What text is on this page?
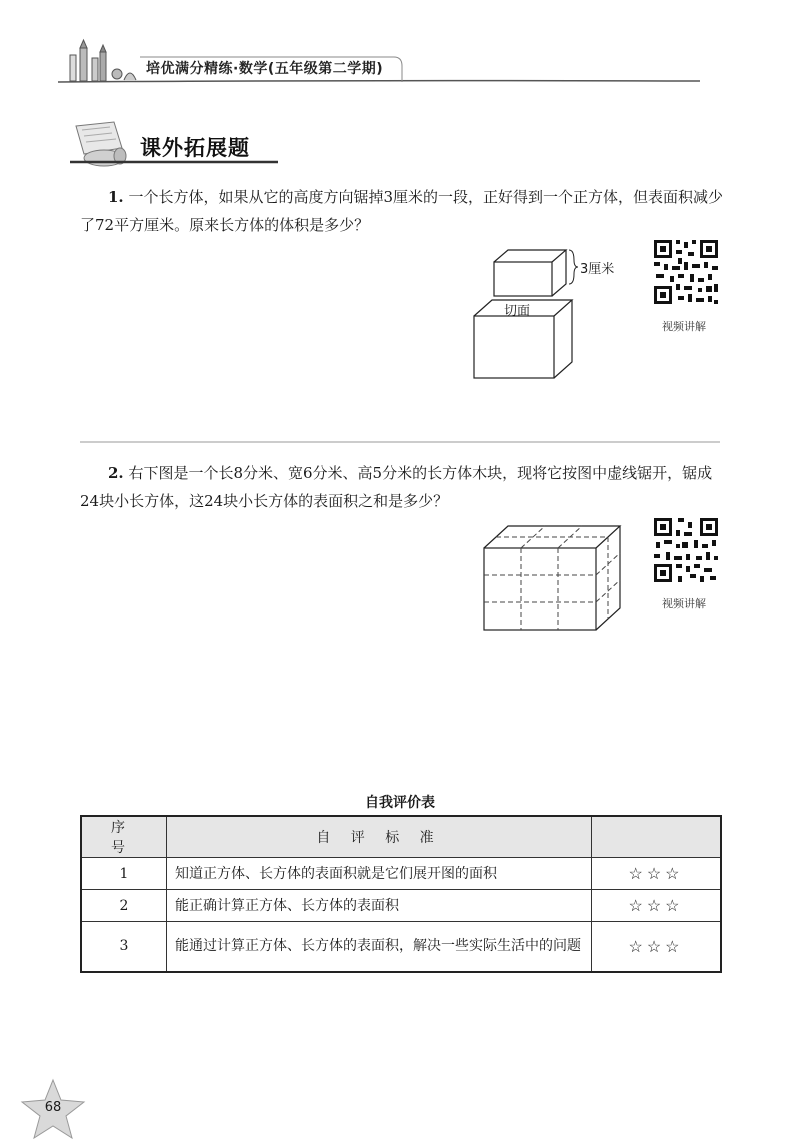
培优满分精练·数学(五年级第二学期)
课外拓展题
1. 一个长方体，如果从它的高度方向锯掉3厘米的一段，正好得到一个正方体，但表面积减少了72平方厘米。原来长方体的体积是多少？
3厘米
切面
视频讲解
2. 右下图是一个长8分米、宽6分米、高5分米的长方体木块，现将它按图中虚线锯开，锯成24块小长方体，这24块小长方体的表面积之和是多少？
视频讲解
自我评价表
序 号	自 评 标 准	
1	知道正方体、长方体的表面积就是它们展开图的面积	☆☆☆
2	能正确计算正方体、长方体的表面积	☆☆☆
3	能通过计算正方体、长方体的表面积，解决一些实际生活中的问题	☆☆☆
68
